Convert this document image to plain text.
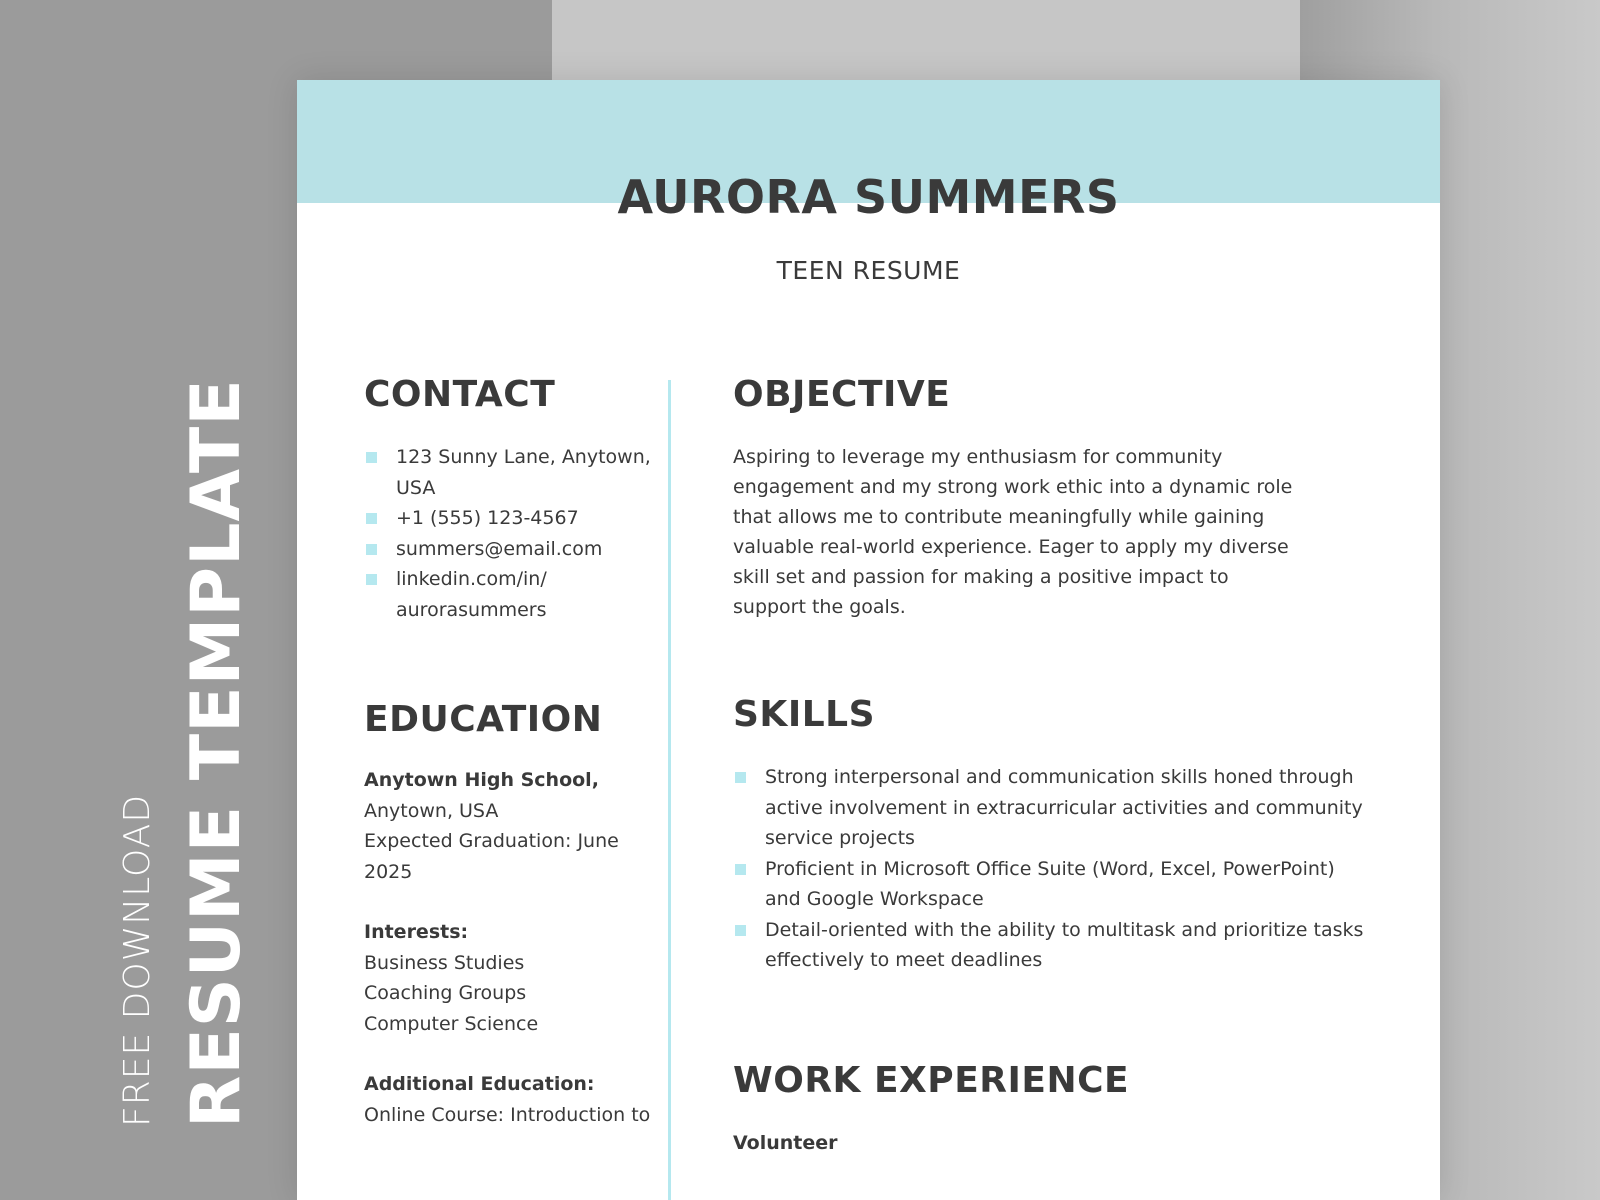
FREE DOWNLOAD RESUME TEMPLATE
AURORA SUMMERS
TEEN RESUME
CONTACT
123 Sunny Lane, Anytown, USA
+1 (555) 123-4567
summers@email.com
linkedin.com/in/ aurorasummers
EDUCATION
Anytown High School,
Anytown, USA
Expected Graduation: June 2025
Interests:
Business Studies
Coaching Groups
Computer Science
Additional Education:
Online Course: Introduction to
OBJECTIVE
Aspiring to leverage my enthusiasm for community engagement and my strong work ethic into a dynamic role that allows me to contribute meaningfully while gaining valuable real-world experience. Eager to apply my diverse skill set and passion for making a positive impact to support the goals.
SKILLS
Strong interpersonal and communication skills honed through active involvement in extracurricular activities and community service projects
Proficient in Microsoft Office Suite (Word, Excel, PowerPoint) and Google Workspace
Detail-oriented with the ability to multitask and prioritize tasks effectively to meet deadlines
WORK EXPERIENCE
Volunteer
